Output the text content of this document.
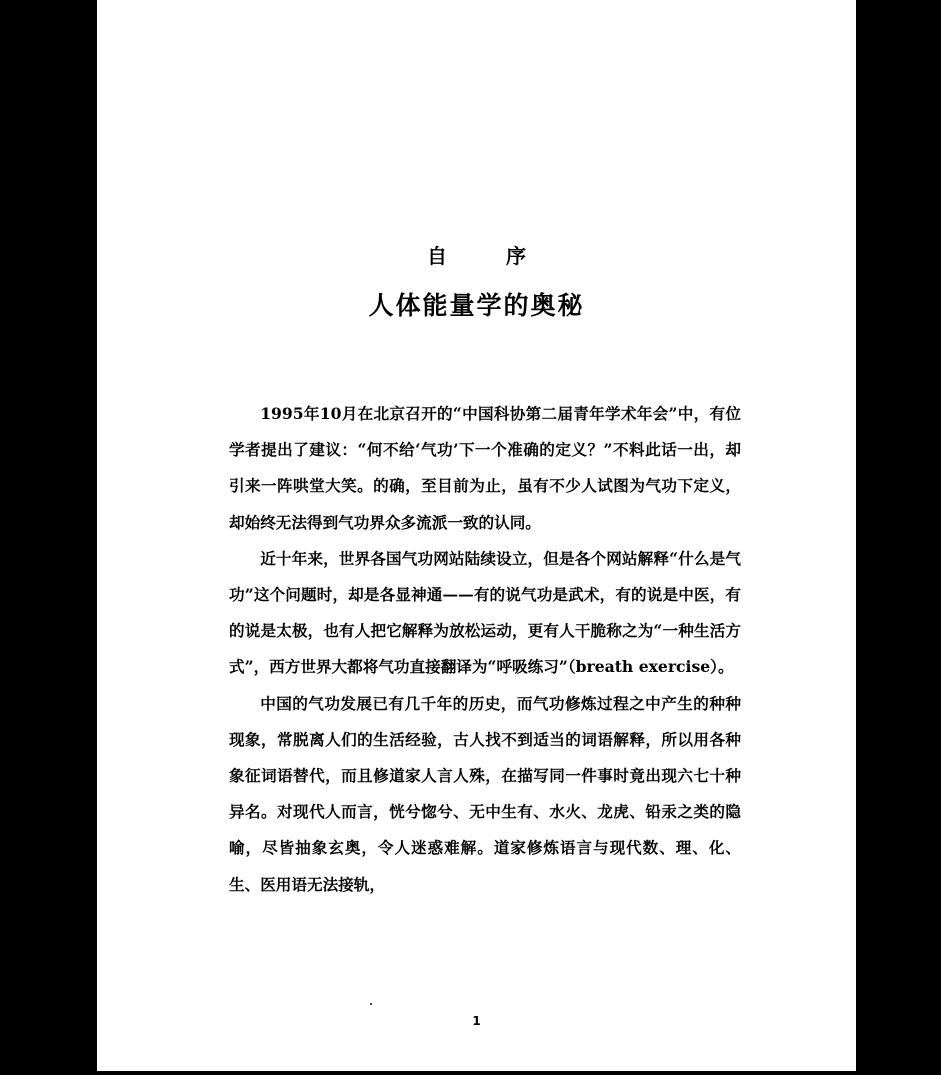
自 序
人体能量学的奥秘

1995年10月在北京召开的“中国科协第二届青年学术年会”中，有位学者提出了建议：“何不给‘气功’下一个准确的定义？”不料此话一出，却引来一阵哄堂大笑。的确，至目前为止，虽有不少人试图为气功下定义，却始终无法得到气功界众多流派一致的认同。

近十年来，世界各国气功网站陆续设立，但是各个网站解释“什么是气功”这个问题时，却是各显神通——有的说气功是武术，有的说是中医，有的说是太极，也有人把它解释为放松运动，更有人干脆称之为“一种生活方式”，西方世界大都将气功直接翻译为“呼吸练习”（breath exercise）。

中国的气功发展已有几千年的历史，而气功修炼过程之中产生的种种现象，常脱离人们的生活经验，古人找不到适当的词语解释，所以用各种象征词语替代，而且修道家人言人殊，在描写同一件事时竟出现六七十种异名。对现代人而言，恍兮惚兮、无中生有、水火、龙虎、铅汞之类的隐喻，尽皆抽象玄奥，令人迷惑难解。道家修炼语言与现代数、理、化、生、医用语无法接轨，

1
